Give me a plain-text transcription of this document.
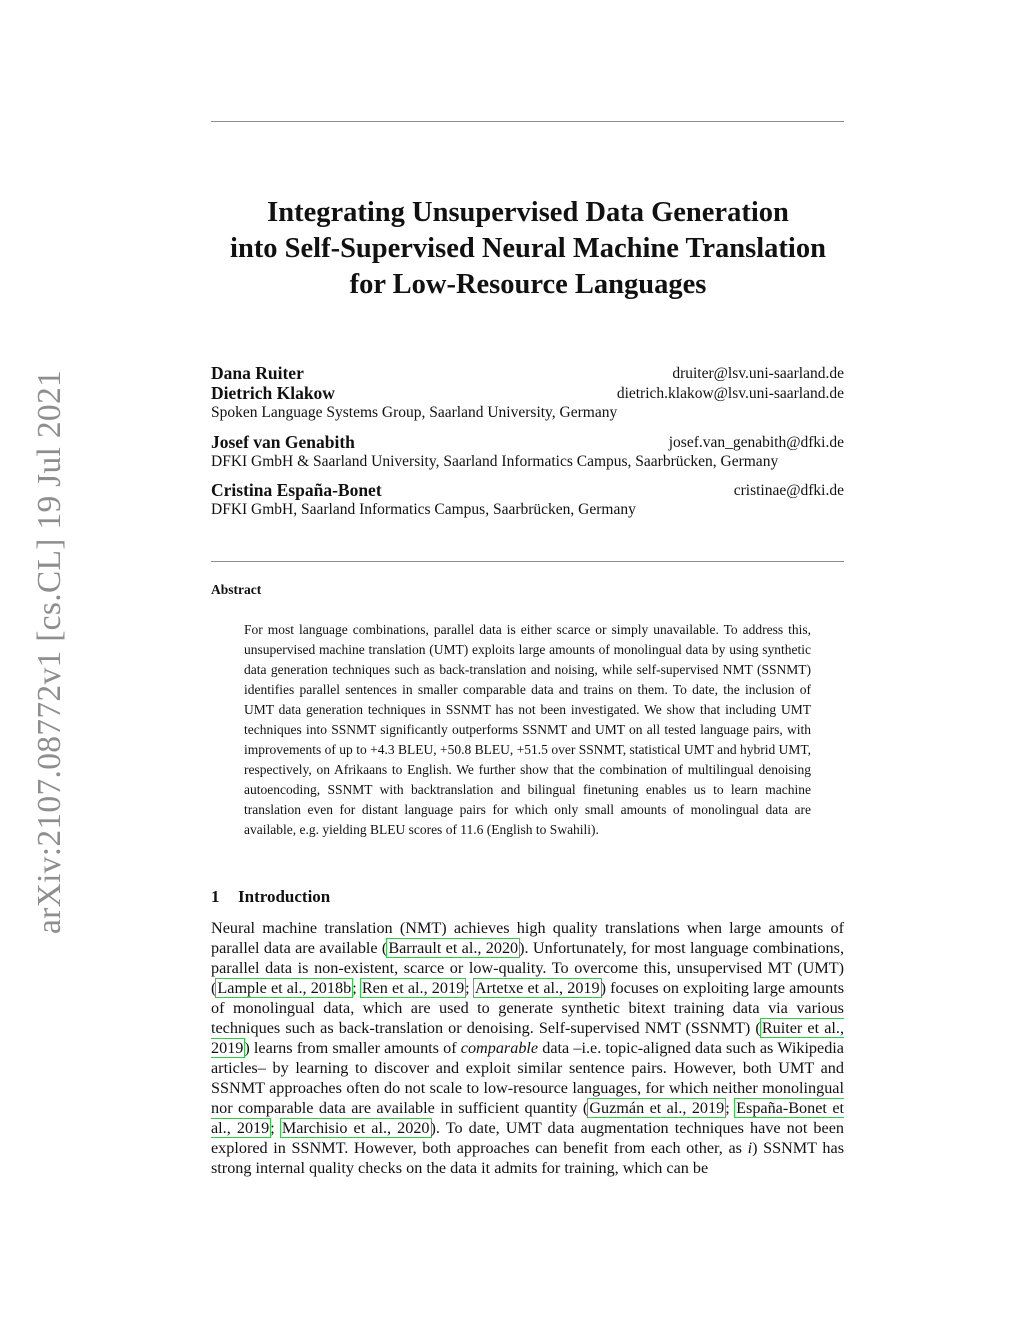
arXiv:2107.08772v1 [cs.CL] 19 Jul 2021
Integrating Unsupervised Data Generation
into Self-Supervised Neural Machine Translation
for Low-Resource Languages
Dana Ruiter	druiter@lsv.uni-saarland.de
Dietrich Klakow	dietrich.klakow@lsv.uni-saarland.de
Spoken Language Systems Group, Saarland University, Germany
Josef van Genabith	josef.van_genabith@dfki.de
DFKI GmbH & Saarland University, Saarland Informatics Campus, Saarbrücken, Germany
Cristina España-Bonet	cristinae@dfki.de
DFKI GmbH, Saarland Informatics Campus, Saarbrücken, Germany
Abstract

For most language combinations, parallel data is either scarce or simply unavailable. To address this, unsupervised machine translation (UMT) exploits large amounts of monolingual data by using synthetic data generation techniques such as back-translation and noising, while self-supervised NMT (SSNMT) identifies parallel sentences in smaller comparable data and trains on them. To date, the inclusion of UMT data generation techniques in SSNMT has not been investigated. We show that including UMT techniques into SSNMT significantly outperforms SSNMT and UMT on all tested language pairs, with improvements of up to +4.3 BLEU, +50.8 BLEU, +51.5 over SSNMT, statistical UMT and hybrid UMT, respectively, on Afrikaans to English. We further show that the combination of multilingual denoising autoencoding, SSNMT with backtranslation and bilingual finetuning enables us to learn machine translation even for distant language pairs for which only small amounts of monolingual data are available, e.g. yielding BLEU scores of 11.6 (English to Swahili).

1 Introduction

Neural machine translation (NMT) achieves high quality translations when large amounts of parallel data are available (Barrault et al., 2020). Unfortunately, for most language combinations, parallel data is non-existent, scarce or low-quality. To overcome this, unsupervised MT (UMT) (Lample et al., 2018b; Ren et al., 2019; Artetxe et al., 2019) focuses on exploiting large amounts of monolingual data, which are used to generate synthetic bitext training data via various techniques such as back-translation or denoising. Self-supervised NMT (SSNMT) (Ruiter et al., 2019) learns from smaller amounts of comparable data –i.e. topic-aligned data such as Wikipedia articles– by learning to discover and exploit similar sentence pairs. However, both UMT and SSNMT approaches often do not scale to low-resource languages, for which neither monolingual nor comparable data are available in sufficient quantity (Guzmán et al., 2019; España-Bonet et al., 2019; Marchisio et al., 2020). To date, UMT data augmentation techniques have not been explored in SSNMT. However, both approaches can benefit from each other, as i) SSNMT has strong internal quality checks on the data it admits for training, which can be
